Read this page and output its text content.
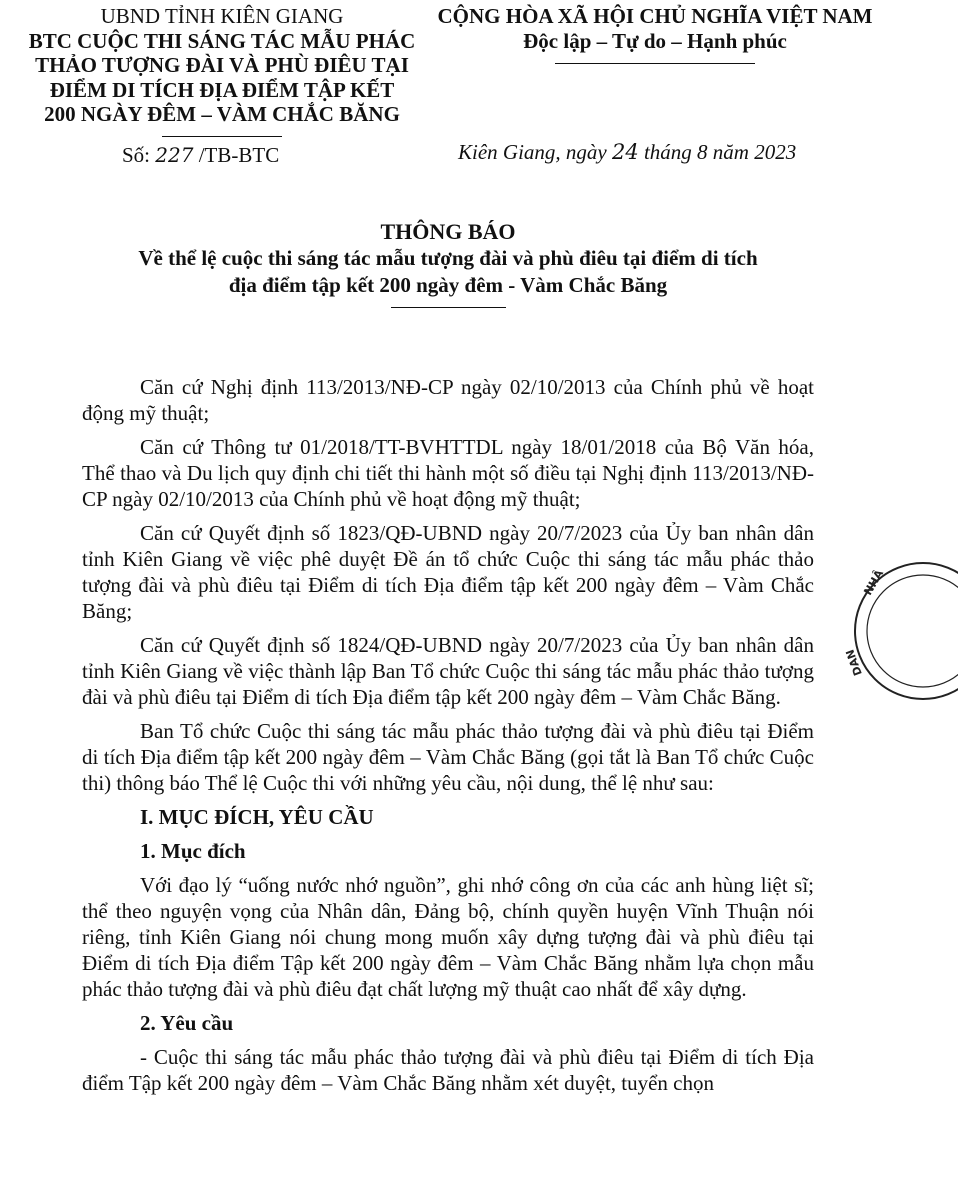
UBND TỈNH KIÊN GIANG
BTC CUỘC THI SÁNG TÁC MẪU PHÁC
THẢO TƯỢNG ĐÀI VÀ PHÙ ĐIÊU TẠI
ĐIỂM DI TÍCH ĐỊA ĐIỂM TẬP KẾT
200 NGÀY ĐÊM – VÀM CHẮC BĂNG
CỘNG HÒA XÃ HỘI CHỦ NGHĨA VIỆT NAM
Độc lập – Tự do – Hạnh phúc
Số: 227 /TB-BTC	Kiên Giang, ngày 24 tháng 8 năm 2023
THÔNG BÁO
Về thể lệ cuộc thi sáng tác mẫu tượng đài và phù điêu tại điểm di tích
địa điểm tập kết 200 ngày đêm - Vàm Chắc Băng

Căn cứ Nghị định 113/2013/NĐ-CP ngày 02/10/2013 của Chính phủ về hoạt động mỹ thuật;

Căn cứ Thông tư 01/2018/TT-BVHTTDL ngày 18/01/2018 của Bộ Văn hóa, Thể thao và Du lịch quy định chi tiết thi hành một số điều tại Nghị định 113/2013/NĐ-CP ngày 02/10/2013 của Chính phủ về hoạt động mỹ thuật;

Căn cứ Quyết định số 1823/QĐ-UBND ngày 20/7/2023 của Ủy ban nhân dân tỉnh Kiên Giang về việc phê duyệt Đề án tổ chức Cuộc thi sáng tác mẫu phác thảo tượng đài và phù điêu tại Điểm di tích Địa điểm tập kết 200 ngày đêm – Vàm Chắc Băng;

Căn cứ Quyết định số 1824/QĐ-UBND ngày 20/7/2023 của Ủy ban nhân dân tỉnh Kiên Giang về việc thành lập Ban Tổ chức Cuộc thi sáng tác mẫu phác thảo tượng đài và phù điêu tại Điểm di tích Địa điểm tập kết 200 ngày đêm – Vàm Chắc Băng.

Ban Tổ chức Cuộc thi sáng tác mẫu phác thảo tượng đài và phù điêu tại Điểm di tích Địa điểm tập kết 200 ngày đêm – Vàm Chắc Băng (gọi tắt là Ban Tổ chức Cuộc thi) thông báo Thể lệ Cuộc thi với những yêu cầu, nội dung, thể lệ như sau:

I. MỤC ĐÍCH, YÊU CẦU
1. Mục đích

Với đạo lý “uống nước nhớ nguồn”, ghi nhớ công ơn của các anh hùng liệt sĩ; thể theo nguyện vọng của Nhân dân, Đảng bộ, chính quyền huyện Vĩnh Thuận nói riêng, tỉnh Kiên Giang nói chung mong muốn xây dựng tượng đài và phù điêu tại Điểm di tích Địa điểm Tập kết 200 ngày đêm – Vàm Chắc Băng nhằm lựa chọn mẫu phác thảo tượng đài và phù điêu đạt chất lượng mỹ thuật cao nhất để xây dựng.

2. Yêu cầu

- Cuộc thi sáng tác mẫu phác thảo tượng đài và phù điêu tại Điểm di tích Địa điểm Tập kết 200 ngày đêm – Vàm Chắc Băng nhằm xét duyệt, tuyển chọn

NHÂ
DAN
